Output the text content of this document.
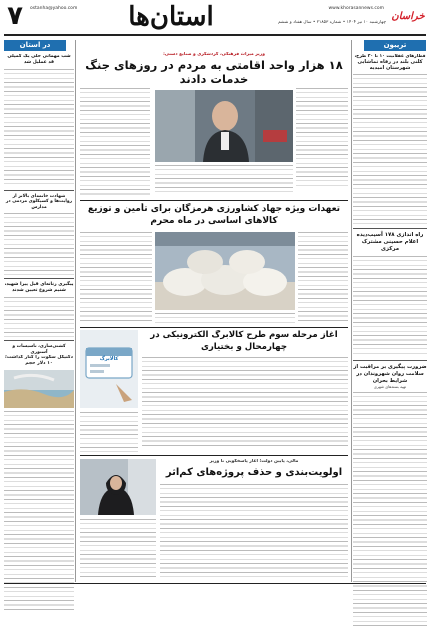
۷	ostanha@yahoo.com
چهارشنبه ۱۰ تیر ۱۴۰۴ • شماره ۲۱۸۵۳ • سال هفتاد و ششم
www.khorasannews.com
استان‌ها	خراسان
تریبون
در استان
قطارهای عقلانیت ۱۰ تا ۲۰ طرح،
کلنی بلند در رفاه تماشایی شهرستان امیدیه
راه اندازی ۱۷۸ آسیب‌دیده اعلام حسینی مشترک مرکزی
ضرورت پیگیری بر مراقبت از سلامت روان شهروندان در شرایط بحران
تهیه بسته‌های شهری
شب مهمانی حلی یک کمپلی قد عملیل شد
شهادت خاتمه‌ای بالاتر از روایت‌ها و کسیکلوی مردمی در مدارس
پیگیری زنانه‌ای قبل پیرا شهید، شنیم شروع تعیین شدند
کشتی‌سازی، تاسیسات و آستوری
دکنیکل سکوت را کنار گذاشت؛ ۱۰ دلار حجم
وزیر میراث فرهنگی، گردشگری و صنایع دستی:
۱۸ هزار واحد اقامتی به مردم در روزهای جنگ خدمات دادند
تعهدات ویژه جهاد کشاورزی هرمزگان برای تأمین و توزیع کالاهای اساسی در ماه محرم
آغاز مرحله سوم طرح کالابرگ الکترونیکی در چهارمحال و بختیاری
کالابرگ
مالی، پایین دولت؛ آغاز پاسخگویی تا وزیر
اولویت‌بندی و حذف پروژه‌های کم‌اثر
